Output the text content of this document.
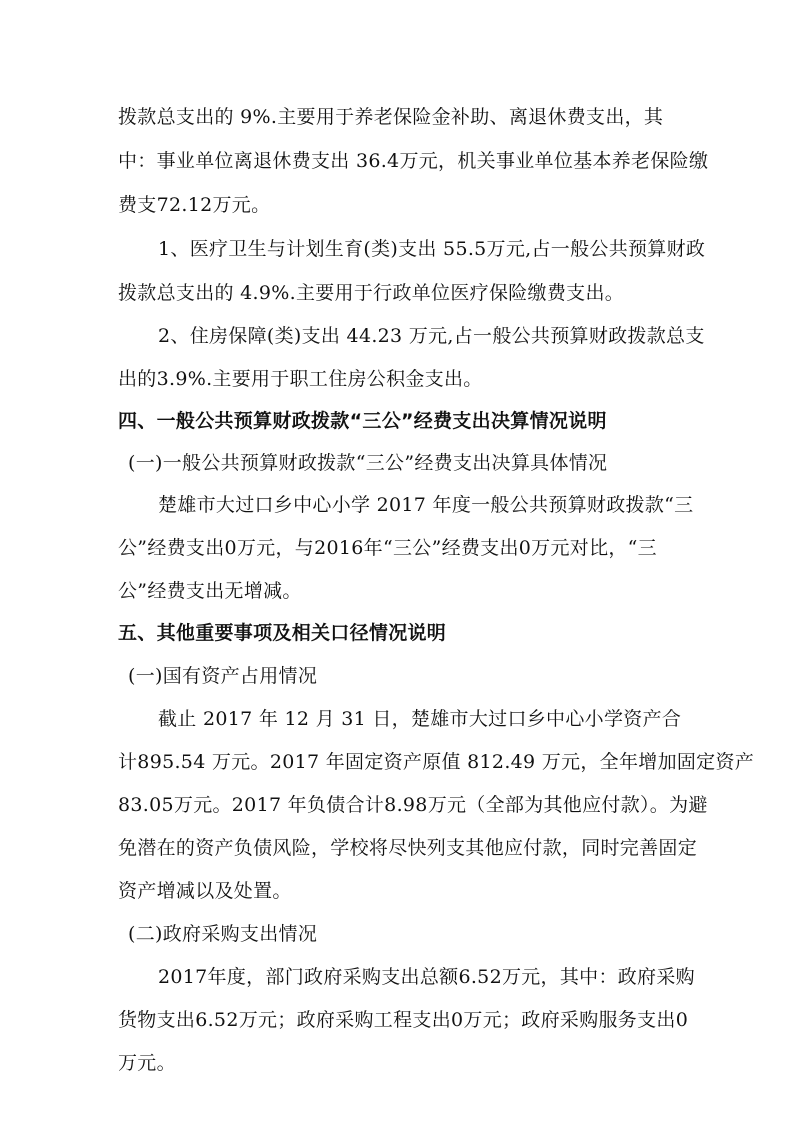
拨款总支出的 9%.主要用于养老保险金补助、离退休费支出，其
中：事业单位离退休费支出 36.4万元，机关事业单位基本养老保险缴
费支72.12万元。
1、医疗卫生与计划生育(类)支出 55.5万元,占一般公共预算财政
拨款总支出的 4.9%.主要用于行政单位医疗保险缴费支出。
2、住房保障(类)支出 44.23 万元,占一般公共预算财政拨款总支
出的3.9%.主要用于职工住房公积金支出。
四、一般公共预算财政拨款“三公”经费支出决算情况说明
(一)一般公共预算财政拨款“三公”经费支出决算具体情况
楚雄市大过口乡中心小学 2017 年度一般公共预算财政拨款“三
公”经费支出0万元，与2016年“三公”经费支出0万元对比，“三
公”经费支出无增减。
五、其他重要事项及相关口径情况说明
(一)国有资产占用情况
截止 2017 年 12 月 31 日，楚雄市大过口乡中心小学资产合
计895.54 万元。2017 年固定资产原值 812.49 万元，全年增加固定资产
83.05万元。2017 年负债合计8.98万元（全部为其他应付款）。为避
免潜在的资产负债风险，学校将尽快列支其他应付款，同时完善固定
资产增减以及处置。
(二)政府采购支出情况
2017年度，部门政府采购支出总额6.52万元，其中：政府采购
货物支出6.52万元；政府采购工程支出0万元；政府采购服务支出0
万元。
